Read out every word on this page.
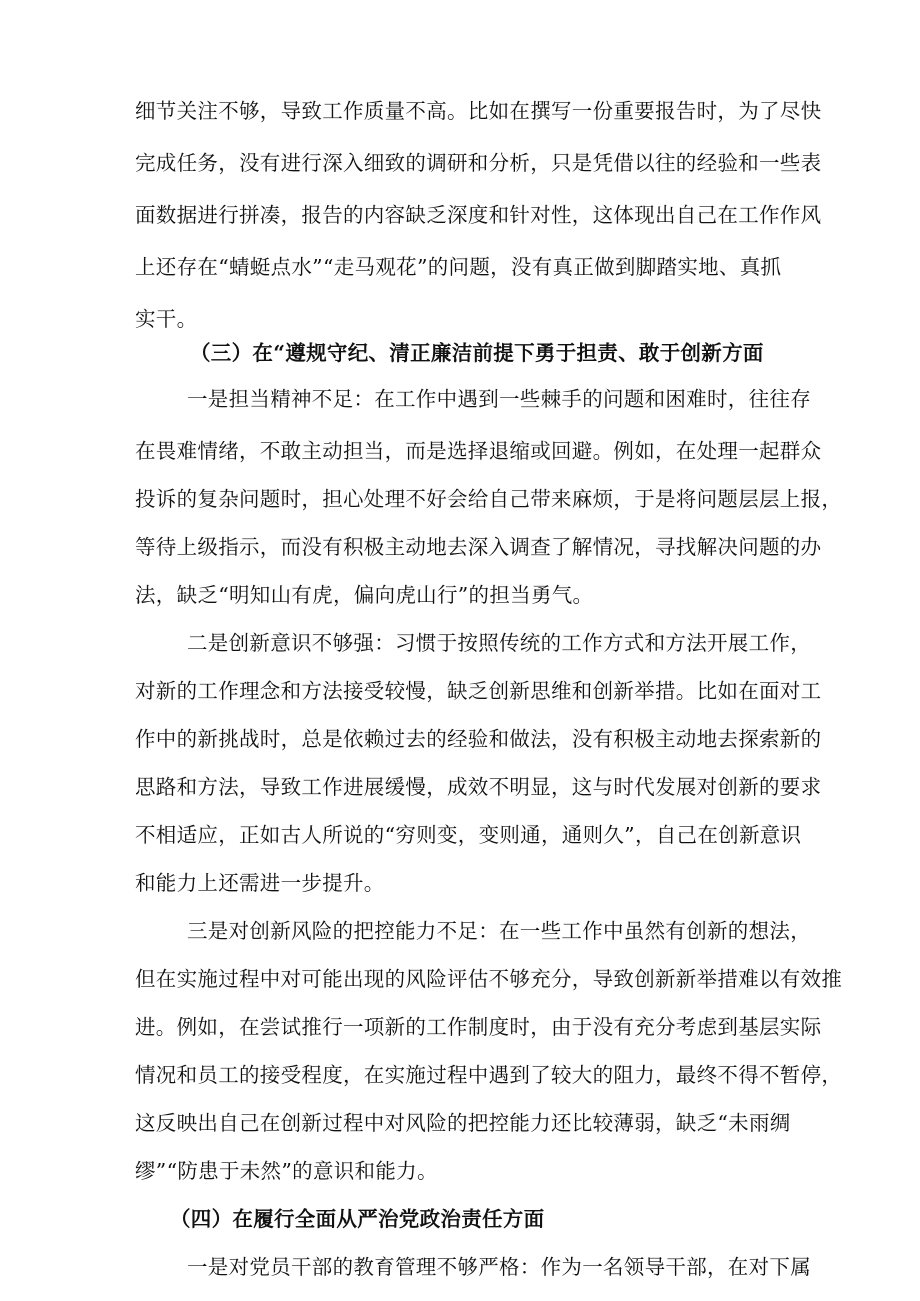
细节关注不够，导致工作质量不高。比如在撰写一份重要报告时，为了尽快
完成任务，没有进行深入细致的调研和分析，只是凭借以往的经验和一些表
面数据进行拼凑，报告的内容缺乏深度和针对性，这体现出自己在工作作风
上还存在“蜻蜓点水”“走马观花”的问题，没有真正做到脚踏实地、真抓
实干。
（三）在“遵规守纪、清正廉洁前提下勇于担责、敢于创新方面
一是担当精神不足：在工作中遇到一些棘手的问题和困难时，往往存
在畏难情绪，不敢主动担当，而是选择退缩或回避。例如，在处理一起群众
投诉的复杂问题时，担心处理不好会给自己带来麻烦，于是将问题层层上报，
等待上级指示，而没有积极主动地去深入调查了解情况，寻找解决问题的办
法，缺乏“明知山有虎，偏向虎山行”的担当勇气。
二是创新意识不够强：习惯于按照传统的工作方式和方法开展工作，
对新的工作理念和方法接受较慢，缺乏创新思维和创新举措。比如在面对工
作中的新挑战时，总是依赖过去的经验和做法，没有积极主动地去探索新的
思路和方法，导致工作进展缓慢，成效不明显，这与时代发展对创新的要求
不相适应，正如古人所说的“穷则变，变则通，通则久”，自己在创新意识
和能力上还需进一步提升。
三是对创新风险的把控能力不足：在一些工作中虽然有创新的想法，
但在实施过程中对可能出现的风险评估不够充分，导致创新新举措难以有效推
进。例如，在尝试推行一项新的工作制度时，由于没有充分考虑到基层实际
情况和员工的接受程度，在实施过程中遇到了较大的阻力，最终不得不暂停，
这反映出自己在创新过程中对风险的把控能力还比较薄弱，缺乏“未雨绸
缪”“防患于未然”的意识和能力。
（四）在履行全面从严治党政治责任方面
一是对党员干部的教育管理不够严格：作为一名领导干部，在对下属
